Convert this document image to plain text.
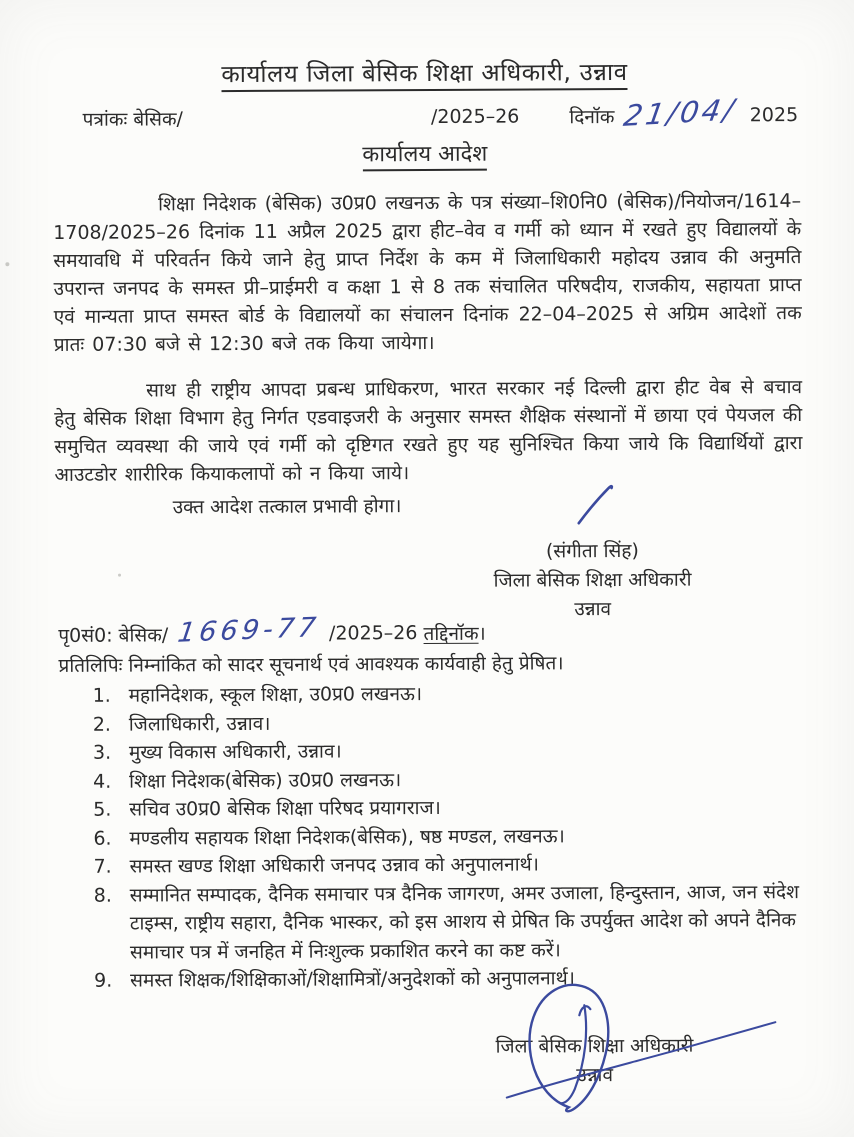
कार्यालय जिला बेसिक शिक्षा अधिकारी, उन्नाव
पत्रांकः बेसिक/	/2025–26	दिनॉक 21/04/ 2025
कार्यालय आदेश

शिक्षा निदेशक (बेसिक) उ0प्र0 लखनऊ के पत्र संख्या–शि0नि0 (बेसिक)/नियोजन/1614–1708/2025–26 दिनांक 11 अप्रैल 2025 द्वारा हीट–वेव व गर्मी को ध्यान में रखते हुए विद्यालयों के समयावधि में परिवर्तन किये जाने हेतु प्राप्त निर्देश के कम में जिलाधिकारी महोदय उन्नाव की अनुमति उपरान्त जनपद के समस्त प्री–प्राईमरी व कक्षा 1 से 8 तक संचालित परिषदीय, राजकीय, सहायता प्राप्त एवं मान्यता प्राप्त समस्त बोर्ड के विद्यालयों का संचालन दिनांक 22–04–2025 से अग्रिम आदेशों तक प्रातः 07:30 बजे से 12:30 बजे तक किया जायेगा।

साथ ही राष्ट्रीय आपदा प्रबन्ध प्राधिकरण, भारत सरकार नई दिल्ली द्वारा हीट वेब से बचाव हेतु बेसिक शिक्षा विभाग हेतु निर्गत एडवाइजरी के अनुसार समस्त शैक्षिक संस्थानों में छाया एवं पेयजल की समुचित व्यवस्था की जाये एवं गर्मी को दृष्टिगत रखते हुए यह सुनिश्चित किया जाये कि विद्यार्थियों द्वारा आउटडोर शारीरिक कियाकलापों को न किया जाये।

उक्त आदेश तत्काल प्रभावी होगा।
(संगीता सिंह)
जिला बेसिक शिक्षा अधिकारी
उन्नाव
पृ0सं0: बेसिक/ 1669-77 /2025–26
तद्दिनॉक ।
प्रतिलिपिः निम्नांकित को सादर सूचनार्थ एवं आवश्यक कार्यवाही हेतु प्रेषित।
1. महानिदेशक, स्कूल शिक्षा, उ0प्र0 लखनऊ।
2. जिलाधिकारी, उन्नाव।
3. मुख्य विकास अधिकारी, उन्नाव।
4. शिक्षा निदेशक(बेसिक) उ0प्र0 लखनऊ।
5. सचिव उ0प्र0 बेसिक शिक्षा परिषद प्रयागराज।
6. मण्डलीय सहायक शिक्षा निदेशक(बेसिक), षष्ठ मण्डल, लखनऊ।
7. समस्त खण्ड शिक्षा अधिकारी जनपद उन्नाव को अनुपालनार्थ।
8. सम्मानित सम्पादक, दैनिक समाचार पत्र दैनिक जागरण, अमर उजाला, हिन्दुस्तान, आज, जन संदेश टाइम्स, राष्ट्रीय सहारा, दैनिक भास्कर, को इस आशय से प्रेषित कि उपर्युक्त आदेश को अपने दैनिक समाचार पत्र में जनहित में निःशुल्क प्रकाशित करने का कष्ट करें।
9. समस्त शिक्षक/शिक्षिकाओं/शिक्षामित्रों/अनुदेशकों को अनुपालनार्थ।
जिला बेसिक शिक्षा अधिकारी
उन्नाव
